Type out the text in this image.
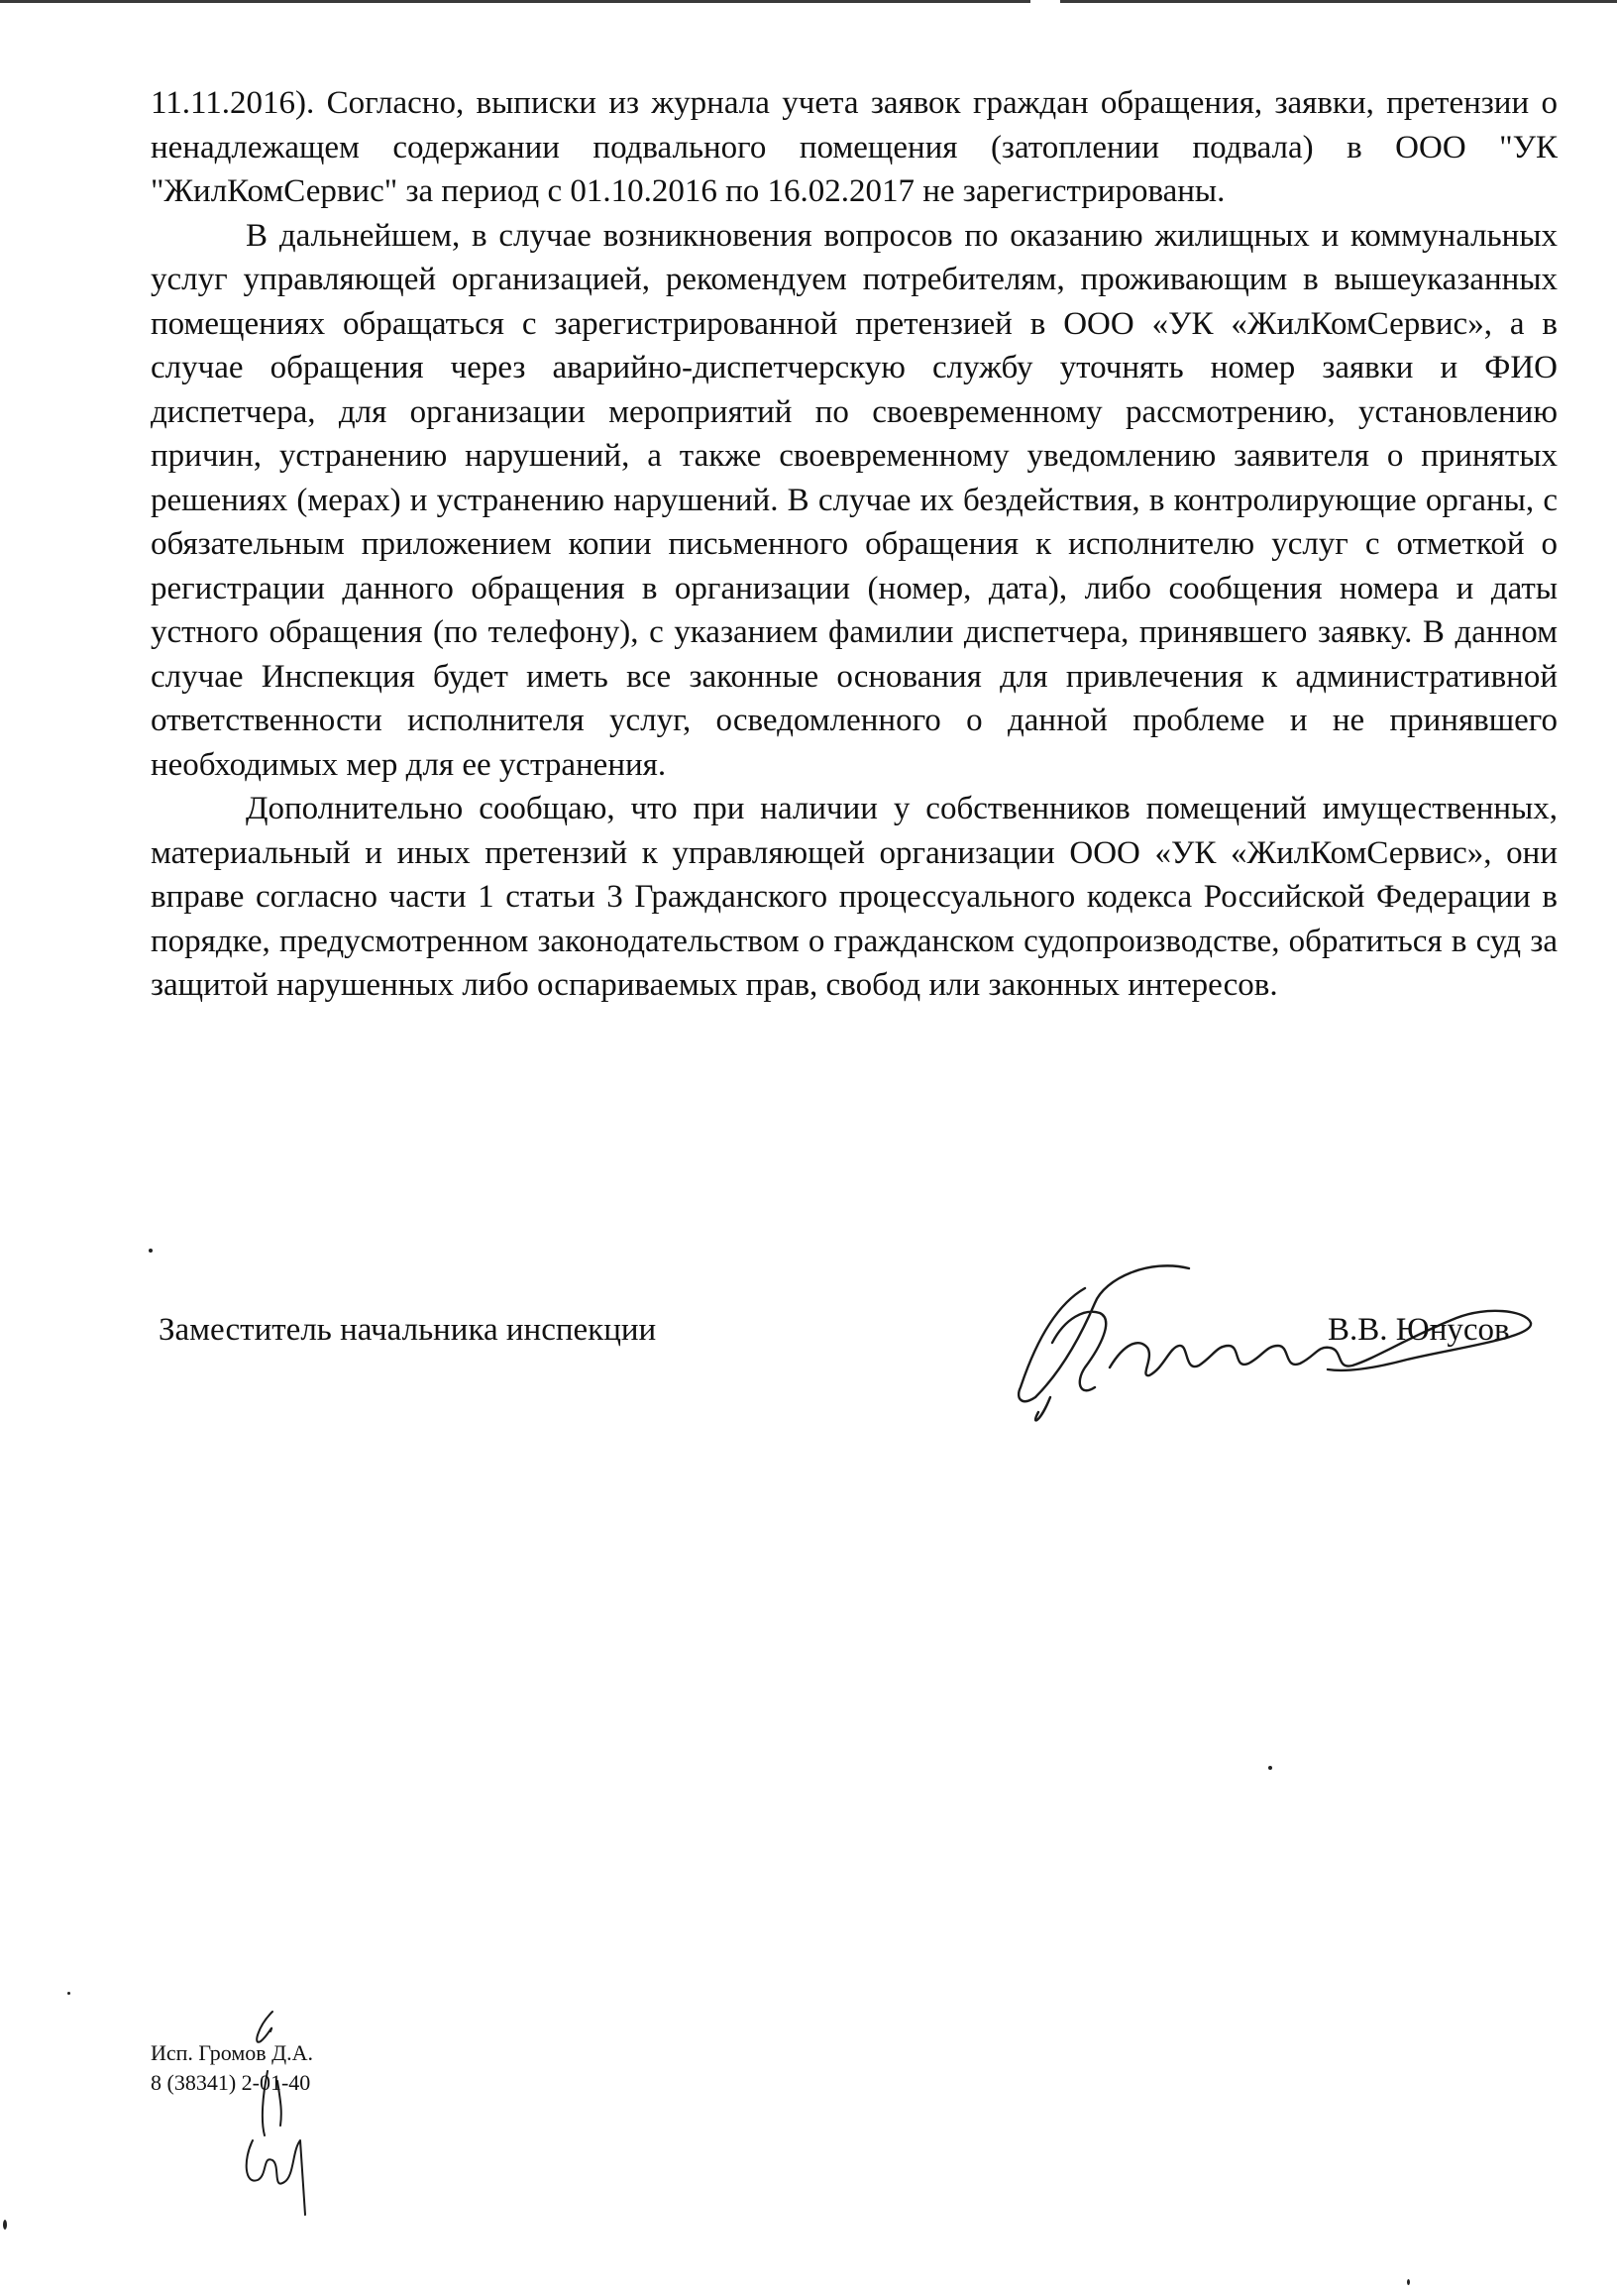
11.11.2016). Согласно, выписки из журнала учета заявок граждан обращения, заявки, претензии о ненадлежащем содержании подвального помещения (затоплении подвала) в ООО "УК "ЖилКомСервис" за период с 01.10.2016 по 16.02.2017 не зарегистрированы.

В дальнейшем, в случае возникновения вопросов по оказанию жилищных и коммунальных услуг управляющей организацией, рекомендуем потребителям, проживающим в вышеуказанных помещениях обращаться с зарегистрированной претензией в ООО «УК «ЖилКомСервис», а в случае обращения через аварийно-диспетчерскую службу уточнять номер заявки и ФИО диспетчера, для организации мероприятий по своевременному рассмотрению, установлению причин, устранению нарушений, а также своевременному уведомлению заявителя о принятых решениях (мерах) и устранению нарушений. В случае их бездействия, в контролирующие органы, с обязательным приложением копии письменного обращения к исполнителю услуг с отметкой о регистрации данного обращения в организации (номер, дата), либо сообщения номера и даты устного обращения (по телефону), с указанием фамилии диспетчера, принявшего заявку. В данном случае Инспекция будет иметь все законные основания для привлечения к административной ответственности исполнителя услуг, осведомленного о данной проблеме и не принявшего необходимых мер для ее устранения.

Дополнительно сообщаю, что при наличии у собственников помещений имущественных, материальный и иных претензий к управляющей организации ООО «УК «ЖилКомСервис», они вправе согласно части 1 статьи 3 Гражданского процессуального кодекса Российской Федерации в порядке, предусмотренном законодательством о гражданском судопроизводстве, обратиться в суд за защитой нарушенных либо оспариваемых прав, свобод или законных интересов.

Заместитель начальника инспекции	В.В. Юнусов
Исп. Громов Д.А.
8 (38341) 2-01-40
